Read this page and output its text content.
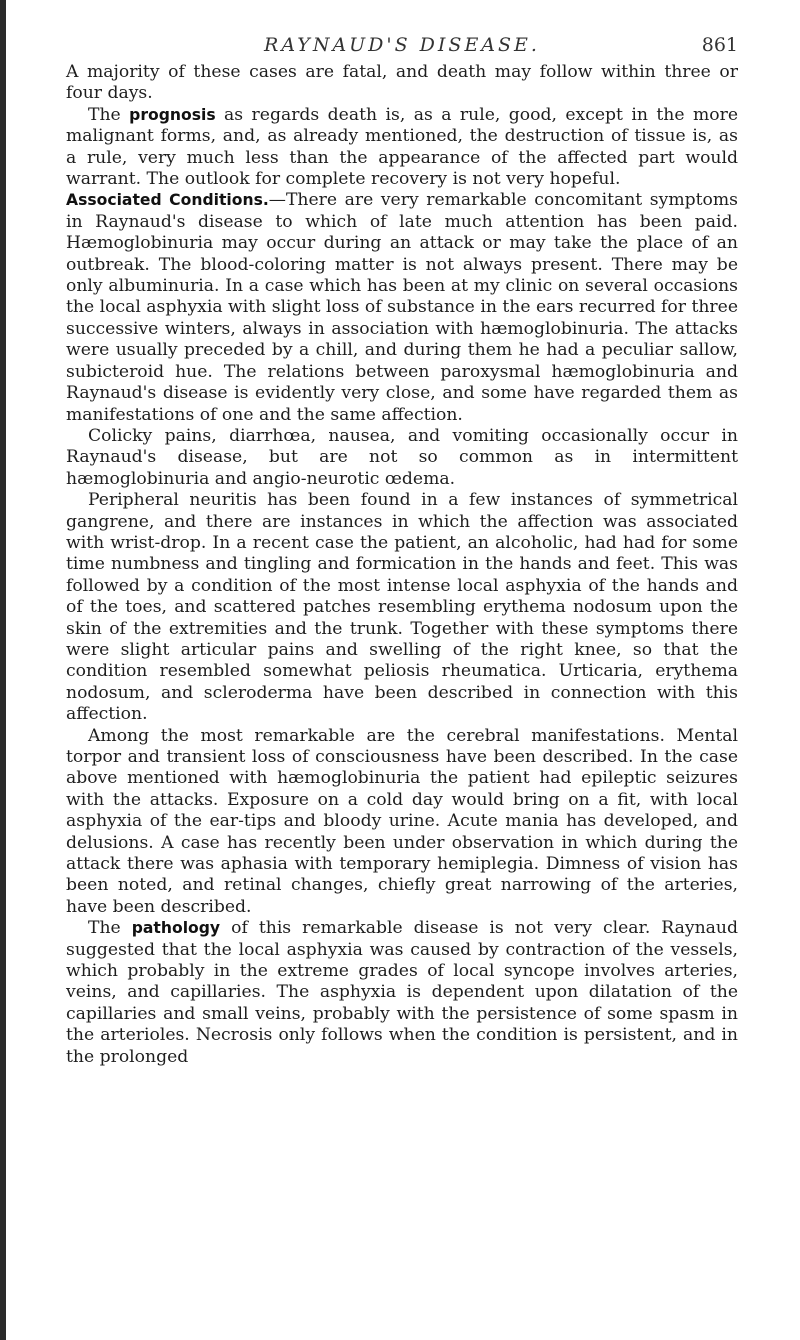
RAYNAUD'S DISEASE.	861

A majority of these cases are fatal, and death may follow within three or four days.

The prognosis as regards death is, as a rule, good, except in the more malignant forms, and, as already mentioned, the destruction of tissue is, as a rule, very much less than the appearance of the affected part would warrant. The outlook for complete recovery is not very hopeful.

Associated Conditions.—There are very remarkable concomitant symptoms in Raynaud's disease to which of late much attention has been paid. Hæmoglobinuria may occur during an attack or may take the place of an outbreak. The blood-coloring matter is not always present. There may be only albuminuria. In a case which has been at my clinic on several occasions the local asphyxia with slight loss of substance in the ears recurred for three successive winters, always in association with hæmoglobinuria. The attacks were usually preceded by a chill, and during them he had a peculiar sallow, subicteroid hue. The relations between paroxysmal hæmoglobinuria and Raynaud's disease is evidently very close, and some have regarded them as manifestations of one and the same affection.

Colicky pains, diarrhœa, nausea, and vomiting occasionally occur in Raynaud's disease, but are not so common as in intermittent hæmoglobinuria and angio-neurotic œdema.

Peripheral neuritis has been found in a few instances of symmetrical gangrene, and there are instances in which the affection was associated with wrist-drop. In a recent case the patient, an alcoholic, had had for some time numbness and tingling and formication in the hands and feet. This was followed by a condition of the most intense local asphyxia of the hands and of the toes, and scattered patches resembling erythema nodosum upon the skin of the extremities and the trunk. Together with these symptoms there were slight articular pains and swelling of the right knee, so that the condition resembled somewhat peliosis rheumatica. Urticaria, erythema nodosum, and scleroderma have been described in connection with this affection.

Among the most remarkable are the cerebral manifestations. Mental torpor and transient loss of consciousness have been described. In the case above mentioned with hæmoglobinuria the patient had epileptic seizures with the attacks. Exposure on a cold day would bring on a fit, with local asphyxia of the ear-tips and bloody urine. Acute mania has developed, and delusions. A case has recently been under observation in which during the attack there was aphasia with temporary hemiplegia. Dimness of vision has been noted, and retinal changes, chiefly great narrowing of the arteries, have been described.

The pathology of this remarkable disease is not very clear. Raynaud suggested that the local asphyxia was caused by contraction of the vessels, which probably in the extreme grades of local syncope involves arteries, veins, and capillaries. The asphyxia is dependent upon dilatation of the capillaries and small veins, probably with the persistence of some spasm in the arterioles. Necrosis only follows when the condition is persistent, and in the prolonged
